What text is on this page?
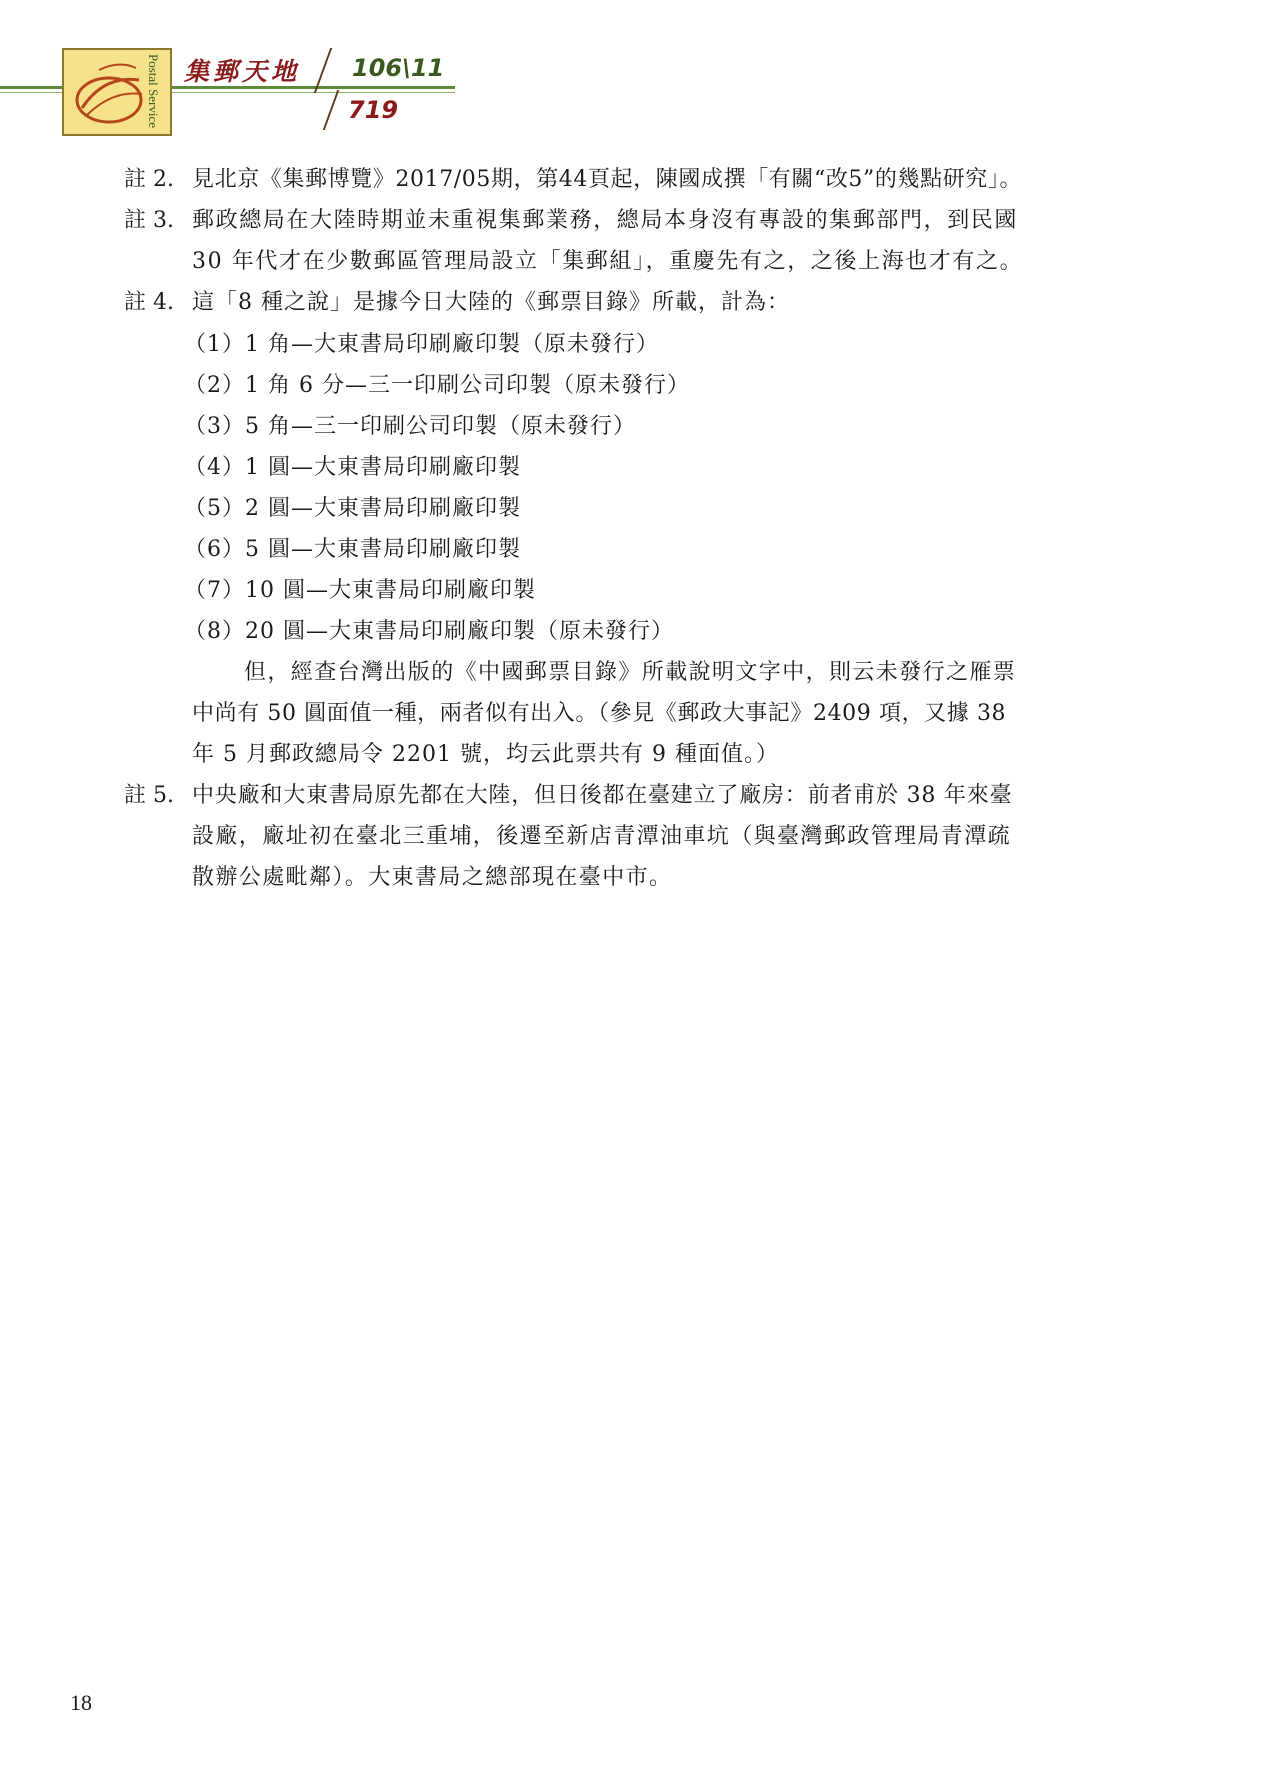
Postal Service 集郵天地 106\11
719
註 2. 見北京《集郵博覽》2017/05期，第44頁起，陳國成撰「有關“改5”的幾點研究」。
註 3. 郵政總局在大陸時期並未重視集郵業務，總局本身沒有專設的集郵部門，到民國
30 年代才在少數郵區管理局設立「集郵組」，重慶先有之，之後上海也才有之。
註 4. 這「8 種之說」是據今日大陸的《郵票目錄》所載，計為：
（1）1 角—大東書局印刷廠印製（原未發行）
（2）1 角 6 分—三一印刷公司印製（原未發行）
（3）5 角—三一印刷公司印製（原未發行）
（4）1 圓—大東書局印刷廠印製
（5）2 圓—大東書局印刷廠印製
（6）5 圓—大東書局印刷廠印製
（7）10 圓—大東書局印刷廠印製
（8）20 圓—大東書局印刷廠印製（原未發行）
但，經查台灣出版的《中國郵票目錄》所載說明文字中，則云未發行之雁票
中尚有 50 圓面值一種，兩者似有出入。（參見《郵政大事記》2409 項，又據 38
年 5 月郵政總局令 2201 號，均云此票共有 9 種面值。）
註 5. 中央廠和大東書局原先都在大陸，但日後都在臺建立了廠房：前者甫於 38 年來臺
設廠，廠址初在臺北三重埔，後遷至新店青潭油車坑（與臺灣郵政管理局青潭疏
散辦公處毗鄰）。大東書局之總部現在臺中市。
18
